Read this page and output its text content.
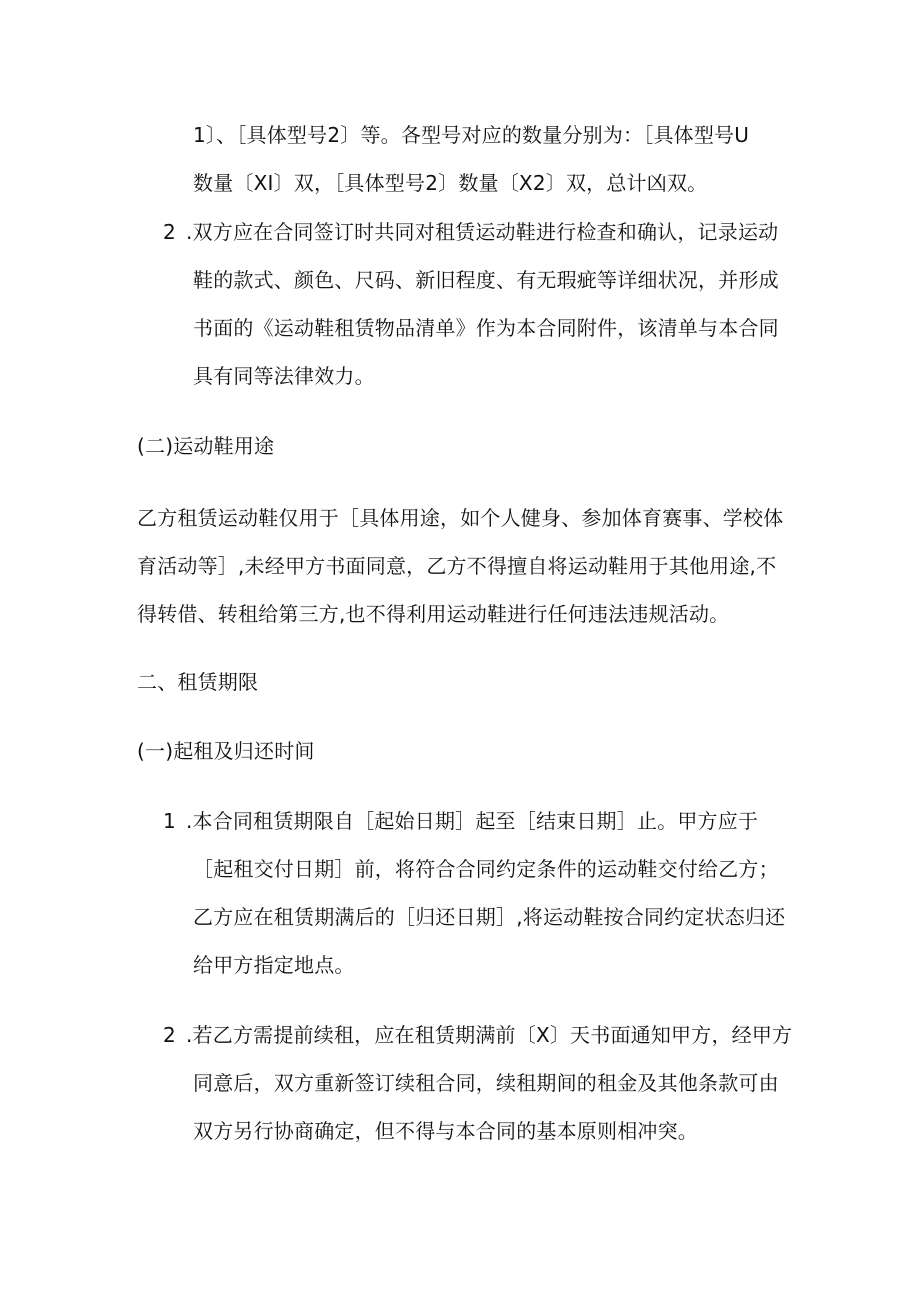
1〕、［具体型号2〕等。各型号对应的数量分别为：［具体型号U
数量〔XI〕双，［具体型号2〕数量〔X2〕双，总计凶双。
2 .双方应在合同签订时共同对租赁运动鞋进行检查和确认，记录运动
鞋的款式、颜色、尺码、新旧程度、有无瑕疵等详细状况，并形成
书面的《运动鞋租赁物品清单》作为本合同附件，该清单与本合同
具有同等法律效力。
(二)运动鞋用途
乙方租赁运动鞋仅用于［具体用途，如个人健身、参加体育赛事、学校体
育活动等］,未经甲方书面同意，乙方不得擅自将运动鞋用于其他用途,不
得转借、转租给第三方,也不得利用运动鞋进行任何违法违规活动。
二、租赁期限
(一)起租及归还时间
1 .本合同租赁期限自［起始日期］起至［结束日期］止。甲方应于
［起租交付日期］前，将符合合同约定条件的运动鞋交付给乙方；
乙方应在租赁期满后的［归还日期］,将运动鞋按合同约定状态归还
给甲方指定地点。
2 .若乙方需提前续租，应在租赁期满前〔X〕天书面通知甲方，经甲方
同意后，双方重新签订续租合同，续租期间的租金及其他条款可由
双方另行协商确定，但不得与本合同的基本原则相冲突。
